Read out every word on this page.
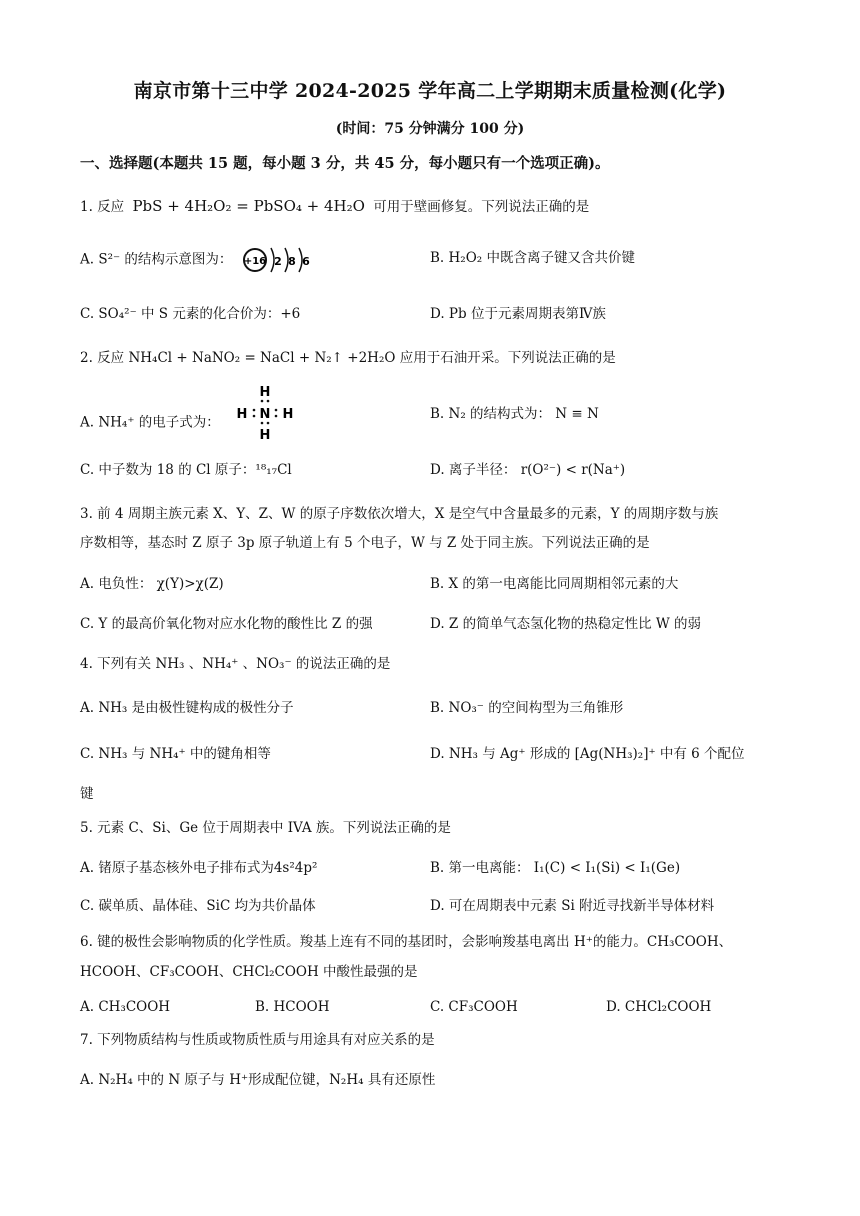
南京市第十三中学 2024-2025 学年高二上学期期末质量检测(化学)
(时间：75 分钟满分 100 分)
一、选择题(本题共 15 题，每小题 3 分，共 45 分，每小题只有一个选项正确)。
1. 反应 PbS + 4H₂O₂ = PbSO₄ + 4H₂O 可用于壁画修复。下列说法正确的是
A. S²⁻ 的结构示意图为： +16 2 8 6	B. H₂O₂ 中既含离子键又含共价键
C. SO₄²⁻ 中 S 元素的化合价为：+6	D. Pb 位于元素周期表第Ⅳ族
2. 反应 NH₄Cl + NaNO₂ = NaCl + N₂↑ +2H₂O 应用于石油开采。下列说法正确的是
A. NH₄⁺ 的电子式为：
H
H
H	H
N	B. N₂ 的结构式为： N ≡ N
C. 中子数为 18 的 Cl 原子：¹⁸₁₇Cl	D. 离子半径： r(O²⁻) < r(Na⁺)
3. 前 4 周期主族元素 X、Y、Z、W 的原子序数依次增大，X 是空气中含量最多的元素，Y 的周期序数与族
序数相等，基态时 Z 原子 3p 原子轨道上有 5 个电子，W 与 Z 处于同主族。下列说法正确的是
A. 电负性： χ(Y)>χ(Z)	B. X 的第一电离能比同周期相邻元素的大
C. Y 的最高价氧化物对应水化物的酸性比 Z 的强	D. Z 的简单气态氢化物的热稳定性比 W 的弱
4. 下列有关 NH₃ 、NH₄⁺ 、NO₃⁻ 的说法正确的是
A. NH₃ 是由极性键构成的极性分子	B. NO₃⁻ 的空间构型为三角锥形
C. NH₃ 与 NH₄⁺ 中的键角相等	D. NH₃ 与 Ag⁺ 形成的 [Ag(NH₃)₂]⁺ 中有 6 个配位
键
5. 元素 C、Si、Ge 位于周期表中 IVA 族。下列说法正确的是
A. 锗原子基态核外电子排布式为4s²4p²	B. 第一电离能： I₁(C) < I₁(Si) < I₁(Ge)
C. 碳单质、晶体硅、SiC 均为共价晶体	D. 可在周期表中元素 Si 附近寻找新半导体材料
6. 键的极性会影响物质的化学性质。羧基上连有不同的基团时，会影响羧基电离出 H⁺的能力。CH₃COOH、
HCOOH、CF₃COOH、CHCl₂COOH 中酸性最强的是
A. CH₃COOH	B. HCOOH	C. CF₃COOH	D. CHCl₂COOH
7. 下列物质结构与性质或物质性质与用途具有对应关系的是
A. N₂H₄ 中的 N 原子与 H⁺形成配位键，N₂H₄ 具有还原性
